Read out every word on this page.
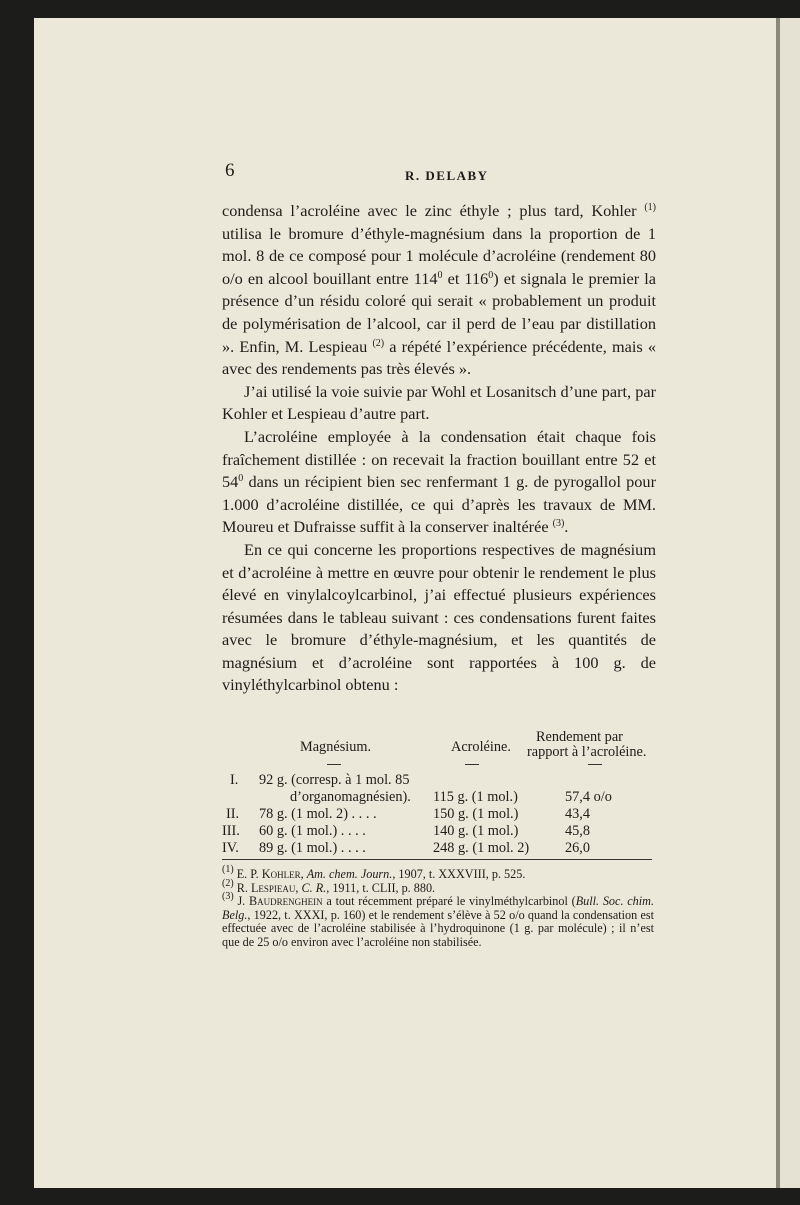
6	R. DELABY

condensa l’acroléine avec le zinc éthyle ; plus tard, Kohler $^{(1)}$ utilisa le bromure d’éthyle-magnésium dans la proportion de 1 mol. 8 de ce composé pour 1 molécule d’acroléine (rendement 80 o/o en alcool bouillant entre $114^0$ et $116^0$) et signala le premier la présence d’un résidu coloré qui serait « probablement un produit de polymérisation de l’alcool, car il perd de l’eau par distillation ». Enfin, M. Lespieau $^{(2)}$ a répété l’expérience précédente, mais « avec des rendements pas très élevés ».

J’ai utilisé la voie suivie par Wohl et Losanitsch d’une part, par Kohler et Lespieau d’autre part.

L’acroléine employée à la condensation était chaque fois fraîchement distillée : on recevait la fraction bouillant entre 52 et $54^0$ dans un récipient bien sec renfermant 1 g. de pyrogallol pour 1.000 d’acroléine distillée, ce qui d’après les travaux de MM. Moureu et Dufraisse suffit à la conserver inaltérée $^{(3)}$.

En ce qui concerne les proportions respectives de magnésium et d’acroléine à mettre en œuvre pour obtenir le rendement le plus élevé en vinylalcoylcarbinol, j’ai effectué plusieurs expériences résumées dans le tableau suivant : ces condensations furent faites avec le bromure d’éthyle-magnésium, et les quantités de magnésium et d’acroléine sont rapportées à 100 g. de vinyléthylcarbinol obtenu :

Magnésium.	Acroléine.
Rendement par
rapport à l’acroléine.
I. 92 g. (corresp. à 1 mol. 85
d’organomagnésien). 115 g. (1 mol.)	57,4 o/o
II. 78 g. (1 mol. 2) . . . .	150 g. (1 mol.)	43,4
III. 60 g. (1 mol.) . . . .	140 g. (1 mol.)	45,8
IV. 89 g. (1 mol.) . . . .	248 g. (1 mol. 2)	26,0

$^{(1)}$ E. P. Kohler, Am. chem. Journ., 1907, t. XXXVIII, p. 525.

$^{(2)}$ R. Lespieau, C. R., 1911, t. CLII, p. 880.

$^{(3)}$ J. Baudrenghein a tout récemment préparé le vinylméthylcarbinol (Bull. Soc. chim. Belg., 1922, t. XXXI, p. 160) et le rendement s’élève à 52 o/o quand la condensation est effectuée avec de l’acroléine stabilisée à l’hydroquinone (1 g. par molécule) ; il n’est que de 25 o/o environ avec l’acroléine non stabilisée.
